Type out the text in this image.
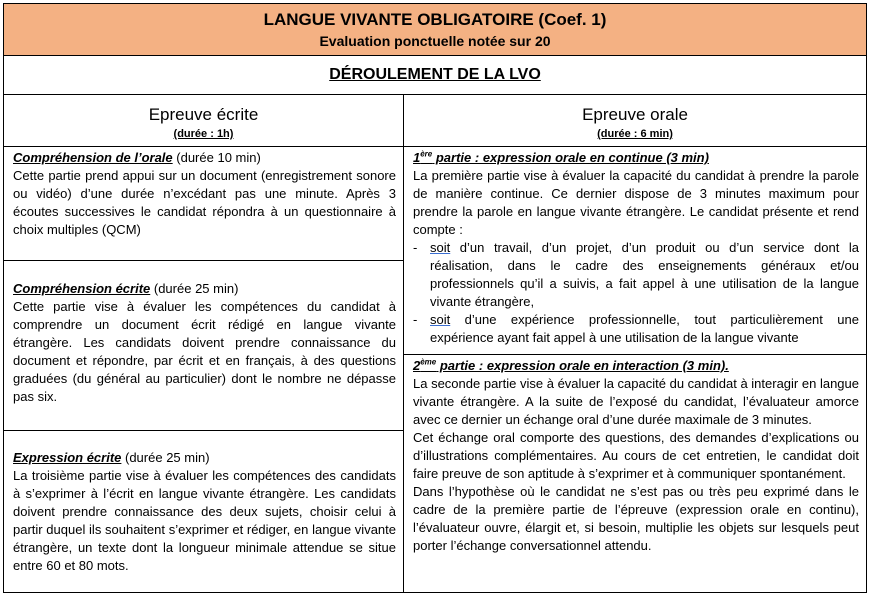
LANGUE VIVANTE OBLIGATOIRE (Coef. 1)
Evaluation ponctuelle notée sur 20
DÉROULEMENT DE LA LVO
Epreuve écrite
(durée : 1h)
Epreuve orale
(durée : 6 min)

Compréhension de l’orale (durée 10 min)

Cette partie prend appui sur un document (enregistrement sonore ou vidéo) d’une durée n’excédant pas une minute. Après 3 écoutes successives le candidat répondra à un questionnaire à choix multiples (QCM)

Compréhension écrite (durée 25 min)

Cette partie vise à évaluer les compétences du candidat à comprendre un document écrit rédigé en langue vivante étrangère. Les candidats doivent prendre connaissance du document et répondre, par écrit et en français, à des questions graduées (du général au particulier) dont le nombre ne dépasse pas six.

Expression écrite (durée 25 min)

La troisième partie vise à évaluer les compétences des candidats à s’exprimer à l’écrit en langue vivante étrangère. Les candidats doivent prendre connaissance des deux sujets, choisir celui à partir duquel ils souhaitent s’exprimer et rédiger, en langue vivante étrangère, un texte dont la longueur minimale attendue se situe entre 60 et 80 mots.

1ère partie : expression orale en continue (3 min)

La première partie vise à évaluer la capacité du candidat à prendre la parole de manière continue. Ce dernier dispose de 3 minutes maximum pour prendre la parole en langue vivante étrangère. Le candidat présente et rend compte :

- soit d’un travail, d’un projet, d’un produit ou d’un service dont la réalisation, dans le cadre des enseignements généraux et/ou professionnels qu’il a suivis, a fait appel à une utilisation de la langue vivante étrangère,

- soit d’une expérience professionnelle, tout particulièrement une expérience ayant fait appel à une utilisation de la langue vivante

2ème partie : expression orale en interaction (3 min).

La seconde partie vise à évaluer la capacité du candidat à interagir en langue vivante étrangère. A la suite de l’exposé du candidat, l’évaluateur amorce avec ce dernier un échange oral d’une durée maximale de 3 minutes.

Cet échange oral comporte des questions, des demandes d’explications ou d’illustrations complémentaires. Au cours de cet entretien, le candidat doit faire preuve de son aptitude à s’exprimer et à communiquer spontanément.

Dans l’hypothèse où le candidat ne s’est pas ou très peu exprimé dans le cadre de la première partie de l’épreuve (expression orale en continu), l’évaluateur ouvre, élargit et, si besoin, multiplie les objets sur lesquels peut porter l’échange conversationnel attendu.
